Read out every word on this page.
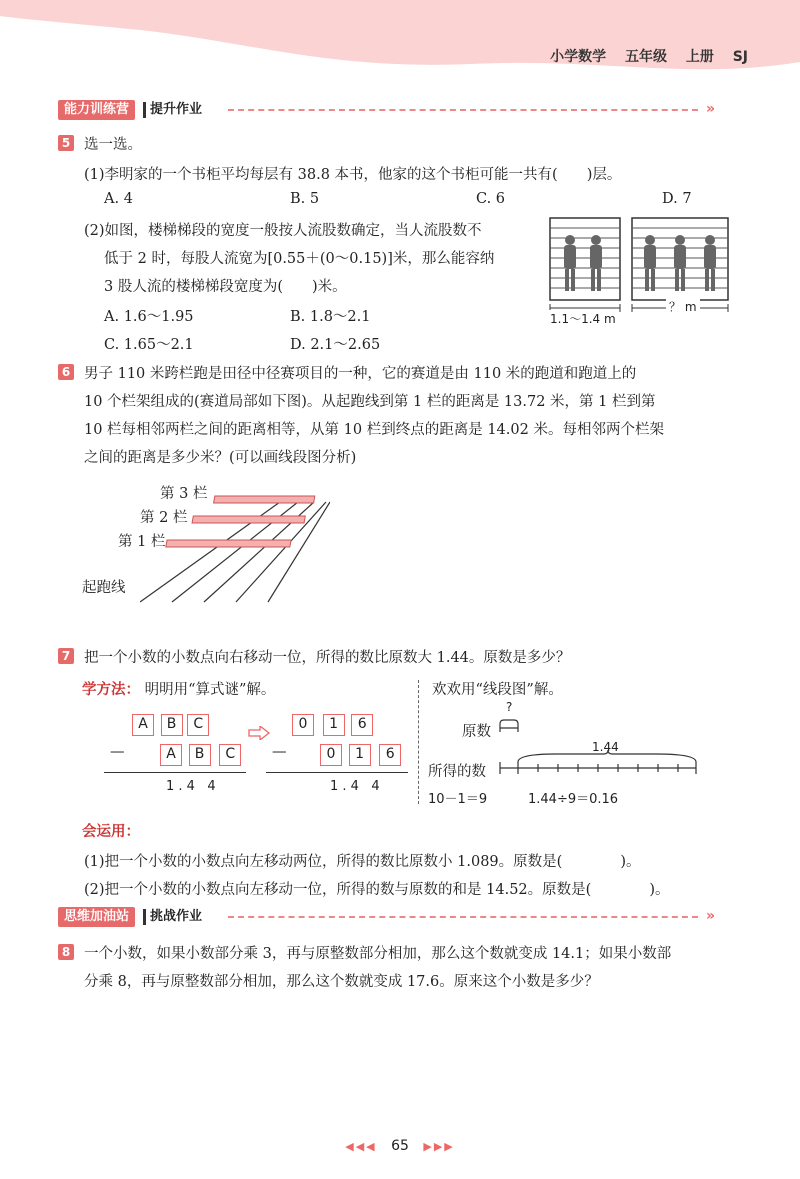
小学数学 五年级 上册 SJ
能力训练营	提升作业	»
5 选一选。
(1)李明家的一个书柜平均每层有 38.8 本书，他家的这个书柜可能一共有(　　)层。
A. 4	B. 5	C. 6	D. 7
(2)如图，楼梯梯段的宽度一般按人流股数确定，当人流股数不
低于 2 时，每股人流宽为[0.55＋(0～0.15)]米，那么能容纳
3 股人流的楼梯梯段宽度为(　　)米。
A. 1.6～1.95	B. 1.8～2.1
C. 1.65～2.1	D. 2.1～2.65
1.1～1.4 m
？ m
6 男子 110 米跨栏跑是田径中径赛项目的一种，它的赛道是由 110 米的跑道和跑道上的
10 个栏架组成的(赛道局部如下图)。从起跑线到第 1 栏的距离是 13.72 米，第 1 栏到第
10 栏每相邻两栏之间的距离相等，从第 10 栏到终点的距离是 14.02 米。每相邻两个栏架
之间的距离是多少米？(可以画线段图分析)
第 3 栏
第 2 栏
第 1 栏
起跑线
7 把一个小数的小数点向右移动一位，所得的数比原数大 1.44。原数是多少？
学方法： 明明用“算式谜”解。	欢欢用“线段图”解。
A B C
—	A B C
1 . 4   4
0 1 6
—	0 1 6
1 . 4   4
?
原数
所得的数
1.44
10－1＝9	1.44÷9＝0.16
会运用：
(1)把一个小数的小数点向左移动两位，所得的数比原数小 1.089。原数是(　　　　)。
(2)把一个小数的小数点向左移动一位，所得的数与原数的和是 14.52。原数是(　　　　)。
思维加油站	挑战作业	»
8 一个小数，如果小数部分乘 3，再与原整数部分相加，那么这个数就变成 14.1；如果小数部
分乘 8，再与原整数部分相加，那么这个数就变成 17.6。原来这个小数是多少？
◀◀◀ 65 ▶▶▶
